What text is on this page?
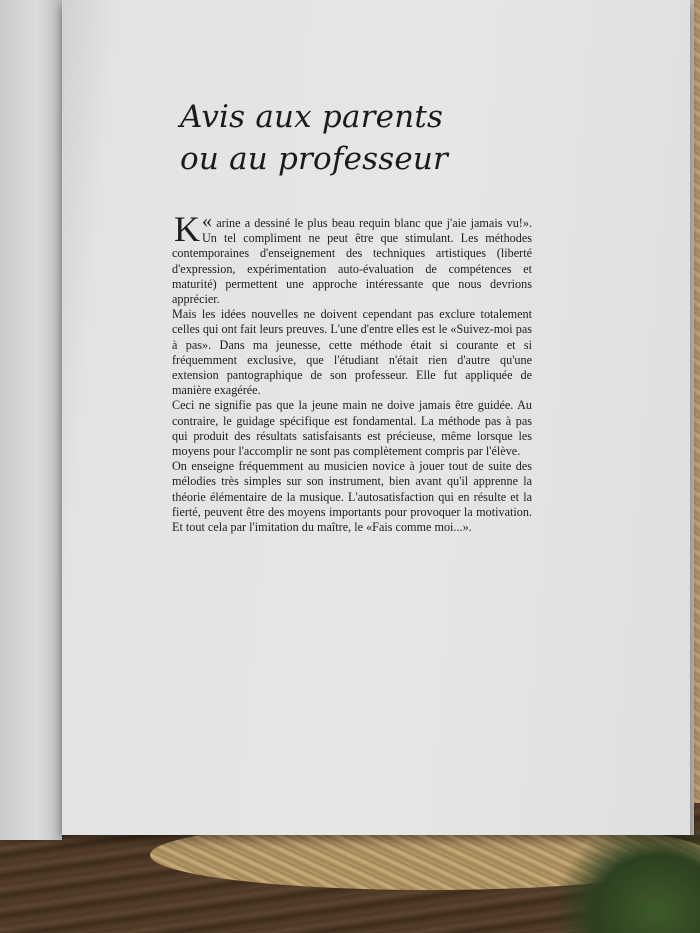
Avis aux parents
ou au professeur

«
K arine a dessiné le plus beau requin blanc que j'aie jamais vu!». Un tel compliment ne peut être que stimulant. Les méthodes contemporaines d'enseignement des techniques artistiques (liberté d'expression, expérimentation auto-évaluation de compétences et maturité) permettent une approche intéressante que nous devrions apprécier.

Mais les idées nouvelles ne doivent cependant pas exclure totalement celles qui ont fait leurs preuves. L'une d'entre elles est le «Suivez-moi pas à pas». Dans ma jeunesse, cette méthode était si courante et si fréquemment exclusive, que l'étudiant n'était rien d'autre qu'une extension pantographique de son professeur. Elle fut appliquée de manière exagérée.

Ceci ne signifie pas que la jeune main ne doive jamais être guidée. Au contraire, le guidage spécifique est fondamental. La méthode pas à pas qui produit des résultats satisfaisants est précieuse, même lorsque les moyens pour l'accomplir ne sont pas complètement compris par l'élève.

On enseigne fréquemment au musicien novice à jouer tout de suite des mélodies très simples sur son instrument, bien avant qu'il apprenne la théorie élémentaire de la musique. L'autosatisfaction qui en résulte et la fierté, peuvent être des moyens importants pour provoquer la motivation. Et tout cela par l'imitation du maître, le «Fais comme moi...».
